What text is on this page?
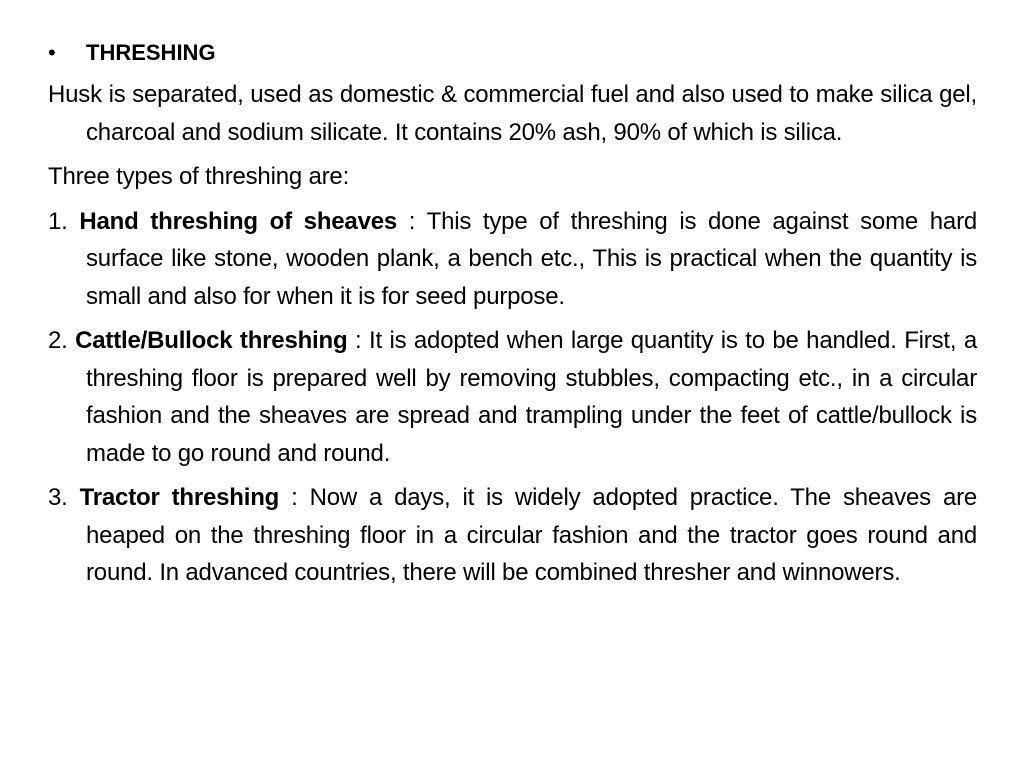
•	THRESHING

Husk is separated, used as domestic & commercial fuel and also used to make silica gel, charcoal and sodium silicate. It contains 20% ash, 90% of which is silica.

Three types of threshing are:

1. Hand threshing of sheaves : This type of threshing is done against some hard surface like stone, wooden plank, a bench etc., This is practical when the quantity is small and also for when it is for seed purpose.

2. Cattle/Bullock threshing : It is adopted when large quantity is to be handled. First, a threshing floor is prepared well by removing stubbles, compacting etc., in a circular fashion and the sheaves are spread and trampling under the feet of cattle/bullock is made to go round and round.

3. Tractor threshing : Now a days, it is widely adopted practice. The sheaves are heaped on the threshing floor in a circular fashion and the tractor goes round and round. In advanced countries, there will be combined thresher and winnowers.
